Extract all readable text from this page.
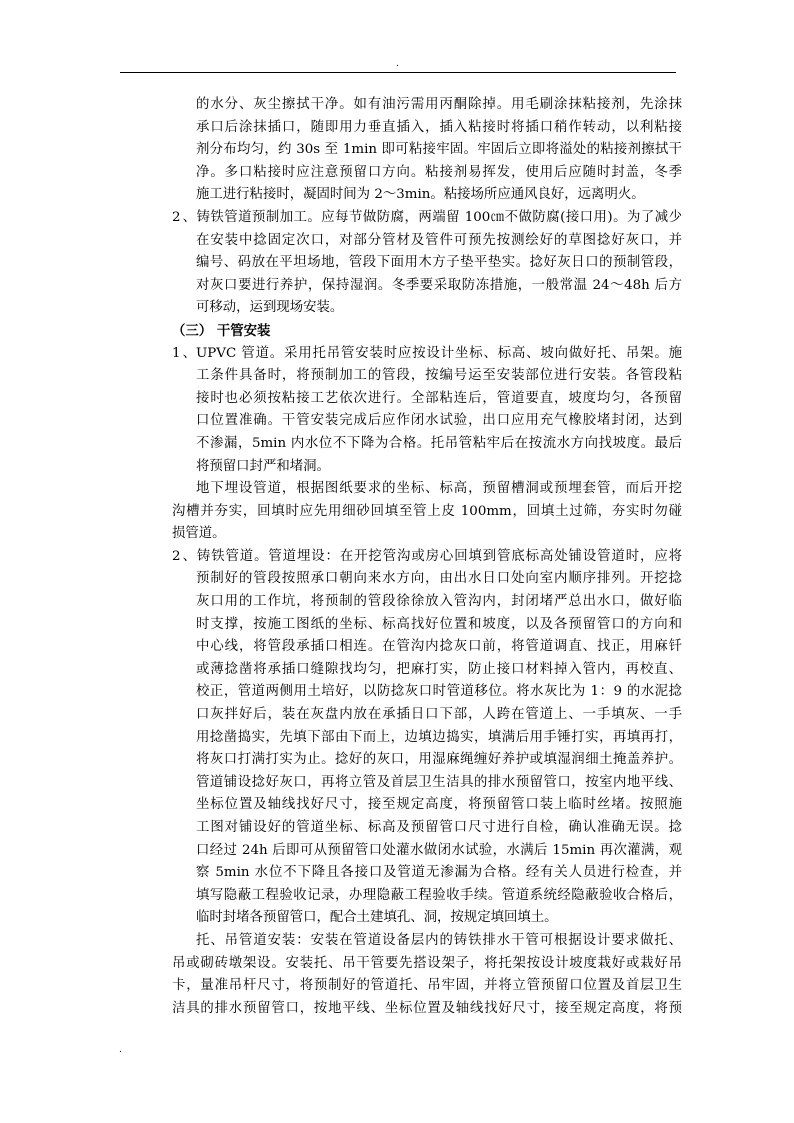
.
的水分、灰尘擦拭干净。如有油污需用丙酮除掉。用毛刷涂抹粘接剂，先涂抹
承口后涂抹插口，随即用力垂直插入，插入粘接时将插口稍作转动，以利粘接
剂分布均匀，约 30s 至 1min 即可粘接牢固。牢固后立即将溢处的粘接剂擦拭干
净。多口粘接时应注意预留口方向。粘接剂易挥发，使用后应随时封盖，冬季
施工进行粘接时，凝固时间为 2～3min。粘接场所应通风良好，远离明火。
2、铸铁管道预制加工。应每节做防腐，两端留 100㎝不做防腐(接口用)。为了减少
在安装中捻固定次口，对部分管材及管件可预先按测绘好的草图捻好灰口，并
编号、码放在平坦场地，管段下面用木方子垫平垫实。捻好灰日口的预制管段，
对灰口要进行养护，保持湿润。冬季要采取防冻措施，一般常温 24～48h 后方
可移动，运到现场安装。
（三） 干管安装
1、UPVC 管道。采用托吊管安装时应按设计坐标、标高、坡向做好托、吊架。施
工条件具备时，将预制加工的管段，按编号运至安装部位进行安装。各管段粘
接时也必须按粘接工艺依次进行。全部粘连后，管道要直，坡度均匀，各预留
口位置准确。干管安装完成后应作闭水试验，出口应用充气橡胶堵封闭，达到
不渗漏，5min 内水位不下降为合格。托吊管粘牢后在按流水方向找坡度。最后
将预留口封严和堵洞。
地下埋设管道，根据图纸要求的坐标、标高，预留槽洞或预埋套管，而后开挖
沟槽并夯实，回填时应先用细砂回填至管上皮 100mm，回填土过筛，夯实时勿碰
损管道。
2、铸铁管道。管道埋设：在开挖管沟或房心回填到管底标高处铺设管道时，应将
预制好的管段按照承口朝向来水方向，由出水日口处向室内顺序排列。开挖捻
灰口用的工作坑，将预制的管段徐徐放入管沟内，封闭堵严总出水口，做好临
时支撑，按施工图纸的坐标、标高找好位置和坡度，以及各预留管口的方向和
中心线，将管段承插口相连。在管沟内捻灰口前，将管道调直、找正，用麻钎
或薄捻凿将承插口缝隙找均匀，把麻打实，防止接口材料掉入管内，再校直、
校正，管道两侧用土培好，以防捻灰口时管道移位。将水灰比为 1：9 的水泥捻
口灰拌好后，装在灰盘内放在承插日口下部，人跨在管道上、一手填灰、一手
用捻凿捣实，先填下部由下而上，边填边捣实，填满后用手锤打实，再填再打，
将灰口打满打实为止。捻好的灰口，用湿麻绳缠好养护或填湿润细土掩盖养护。
管道铺设捻好灰口，再将立管及首层卫生洁具的排水预留管口，按室内地平线、
坐标位置及轴线找好尺寸，接至规定高度，将预留管口装上临时丝堵。按照施
工图对铺设好的管道坐标、标高及预留管口尺寸进行自检，确认准确无误。捻
口经过 24h 后即可从预留管口处灌水做闭水试验，水满后 15min 再次灌满，观
察 5min 水位不下降且各接口及管道无渗漏为合格。经有关人员进行检查，并
填写隐蔽工程验收记录，办理隐蔽工程验收手续。管道系统经隐蔽验收合格后，
临时封堵各预留管口，配合土建填孔、洞，按规定填回填土。
托、吊管道安装：安装在管道设备层内的铸铁排水干管可根据设计要求做托、
吊或砌砖墩架设。安装托、吊干管要先搭设架子，将托架按设计坡度栽好或栽好吊
卡，量准吊杆尺寸，将预制好的管道托、吊牢固，并将立管预留口位置及首层卫生
洁具的排水预留管口，按地平线、坐标位置及轴线找好尺寸，接至规定高度，将预
.
